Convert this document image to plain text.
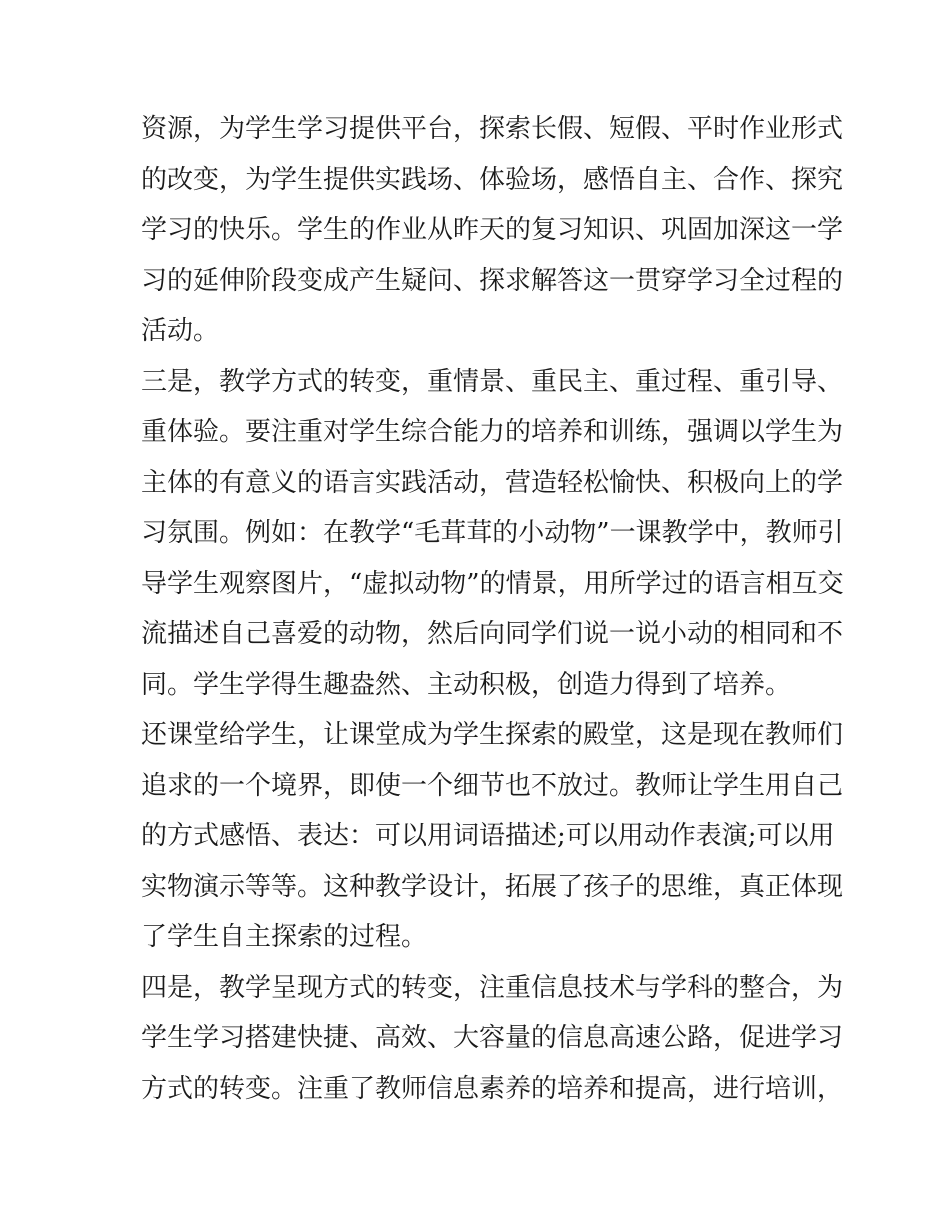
资源，为学生学习提供平台，探索长假、短假、平时作业形式
的改变，为学生提供实践场、体验场，感悟自主、合作、探究
学习的快乐。学生的作业从昨天的复习知识、巩固加深这一学
习的延伸阶段变成产生疑问、探求解答这一贯穿学习全过程的
活动。
三是，教学方式的转变，重情景、重民主、重过程、重引导、
重体验。要注重对学生综合能力的培养和训练，强调以学生为
主体的有意义的语言实践活动，营造轻松愉快、积极向上的学
习氛围。例如：在教学“毛茸茸的小动物”一课教学中，教师引
导学生观察图片，“虚拟动物”的情景，用所学过的语言相互交
流描述自己喜爱的动物，然后向同学们说一说小动的相同和不
同。学生学得生趣盎然、主动积极，创造力得到了培养。
还课堂给学生，让课堂成为学生探索的殿堂，这是现在教师们
追求的一个境界，即使一个细节也不放过。教师让学生用自己
的方式感悟、表达：可以用词语描述;可以用动作表演;可以用
实物演示等等。这种教学设计，拓展了孩子的思维，真正体现
了学生自主探索的过程。
四是，教学呈现方式的转变，注重信息技术与学科的整合，为
学生学习搭建快捷、高效、大容量的信息高速公路，促进学习
方式的转变。注重了教师信息素养的培养和提高，进行培训，
